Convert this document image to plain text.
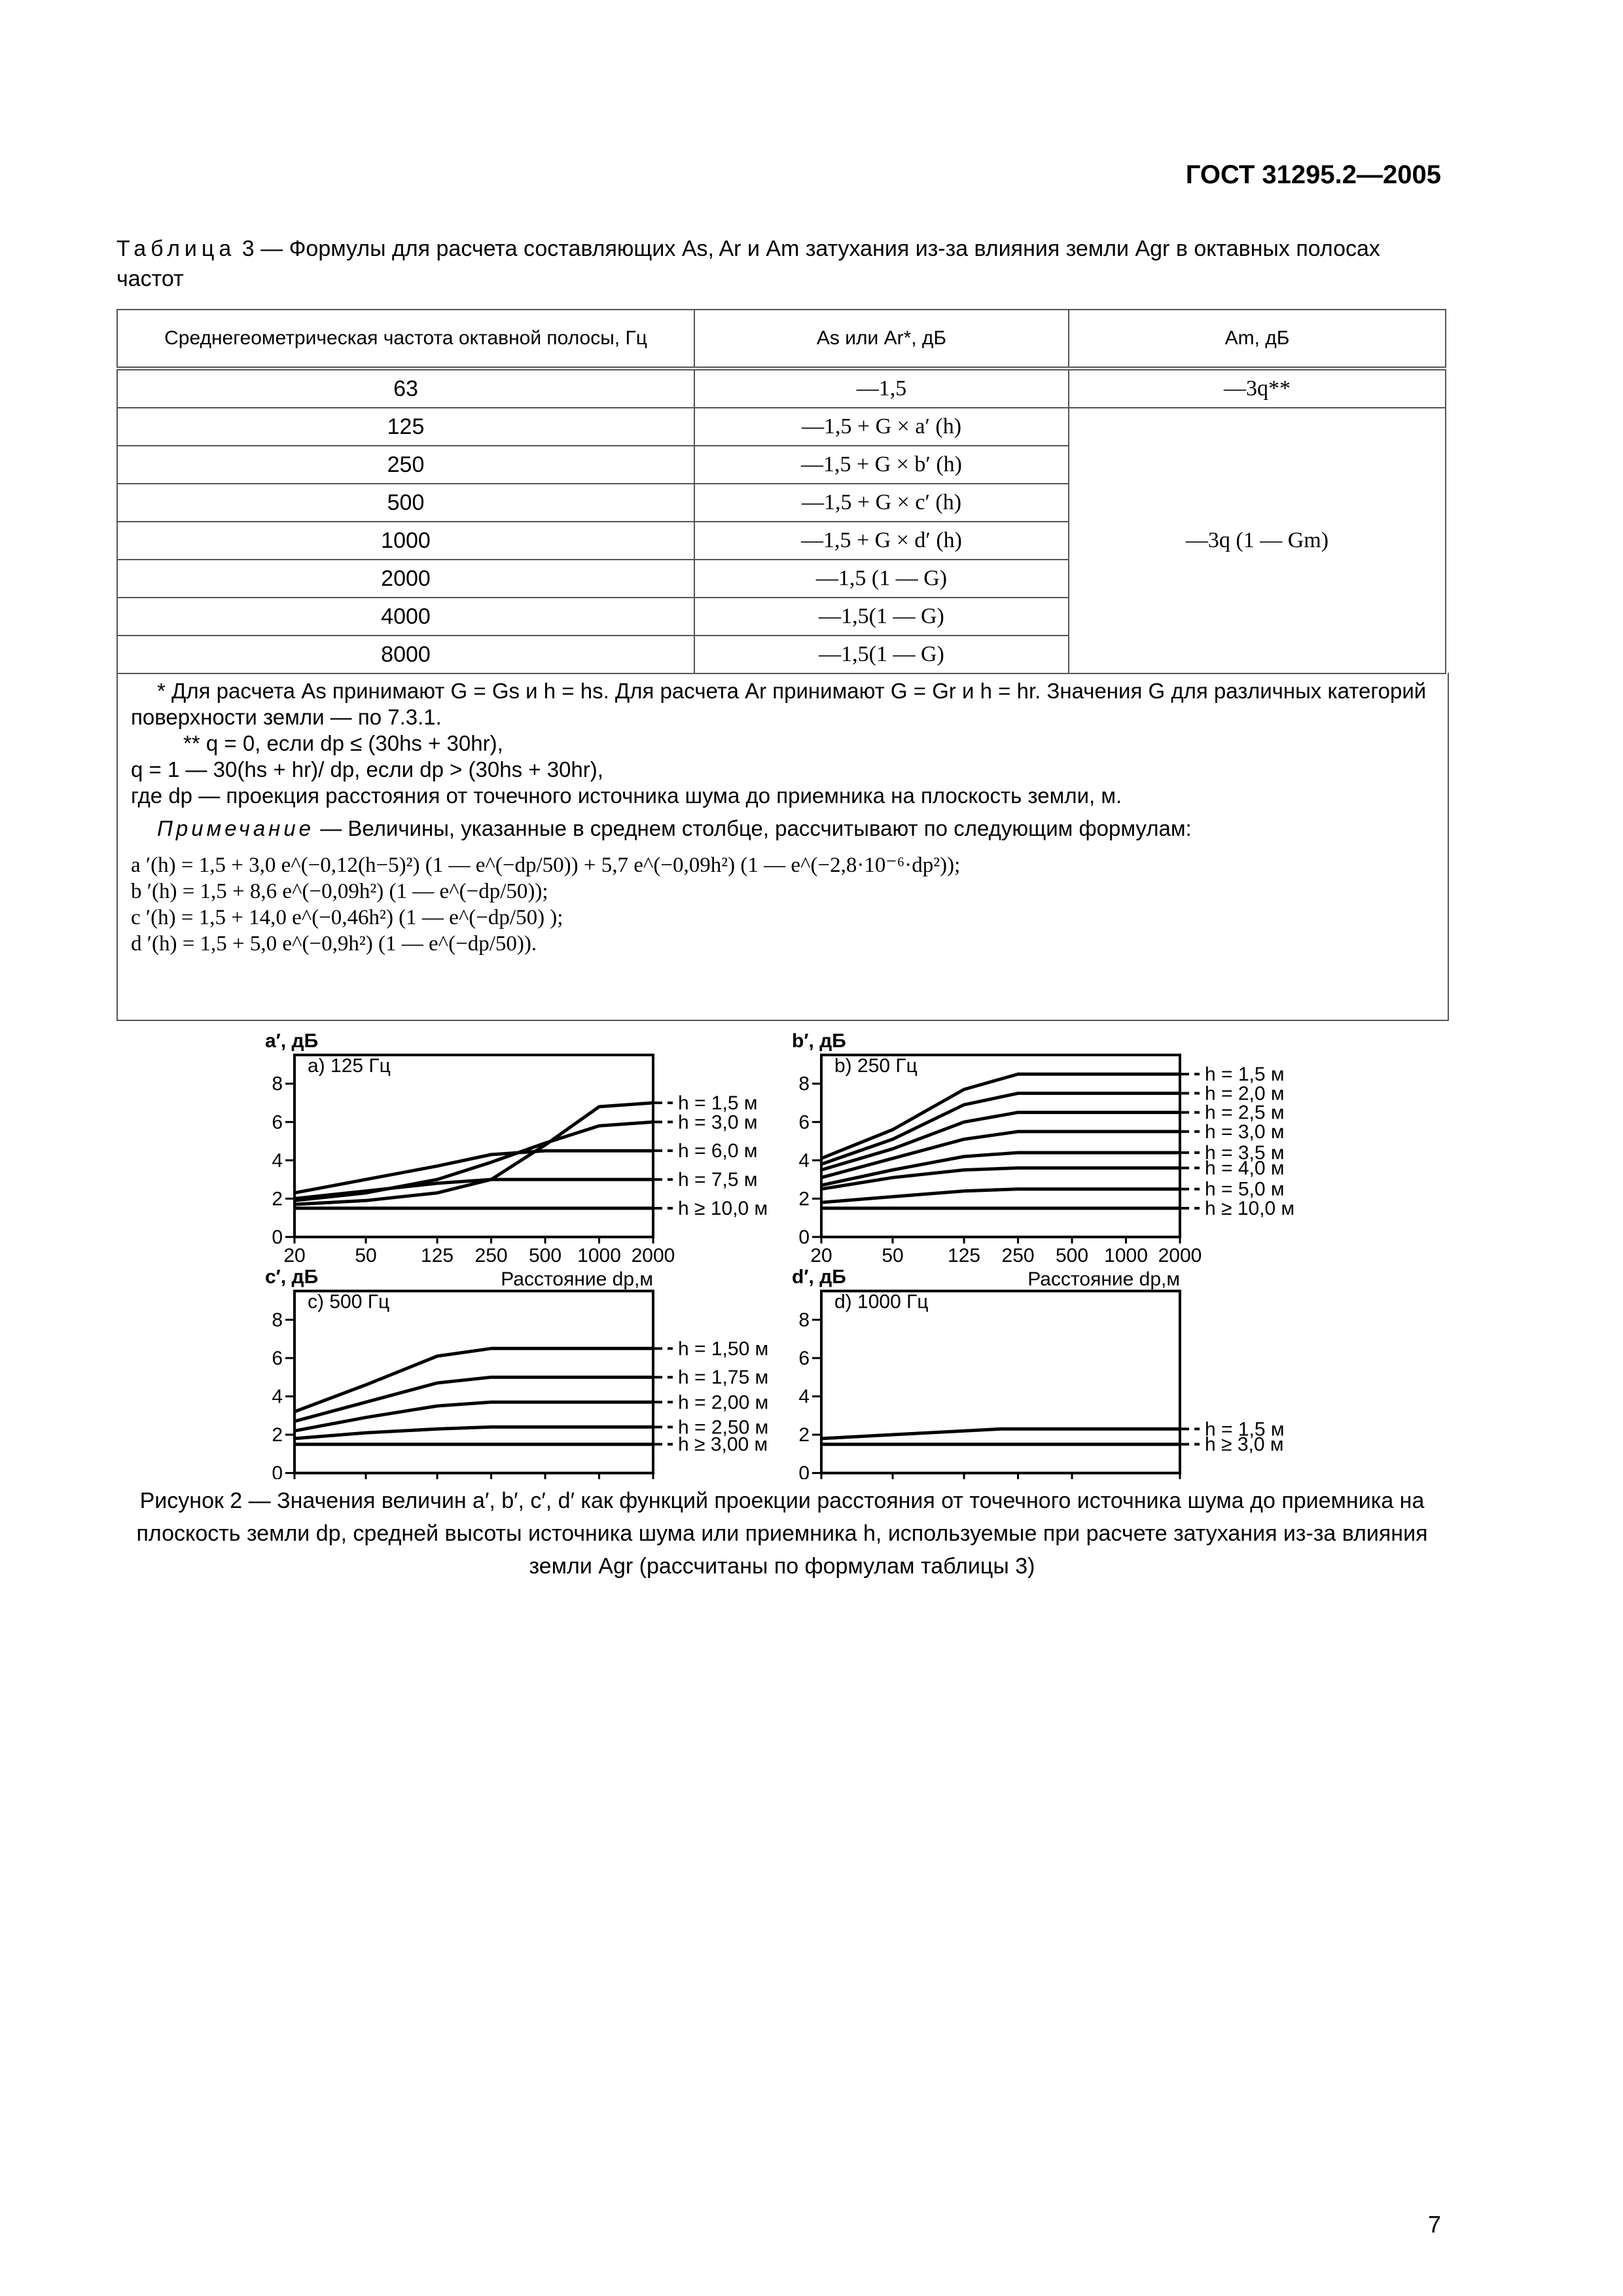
ГОСТ 31295.2—2005
Таблица 3 — Формулы для расчета составляющих As, Ar и Am затухания из-за влияния земли Agr в октавных полосах частот
Среднегеометрическая частота октавной полосы, Гц	As или Ar*, дБ	Am, дБ
63	—1,5	—3q**
125	—1,5 + G × a′ (h)	—3q (1 — Gm)
250	—1,5 + G × b′ (h)	
500	—1,5 + G × c′ (h)	
1000	—1,5 + G × d′ (h)	
2000	—1,5 (1 — G)	
4000	—1,5(1 — G)	
8000	—1,5(1 — G)	

* Для расчета As принимают G = Gs и h = hs. Для расчета Ar принимают G = Gr и h = hr. Значения G для различных категорий поверхности земли — по 7.3.1.

** q = 0, если dp ≤ (30hs + 30hr),

q = 1 — 30(hs + hr)/ dp, если dp > (30hs + 30hr),

где dp — проекция расстояния от точечного источника шума до приемника на плоскость земли, м.

Примечание — Величины, указанные в среднем столбце, рассчитывают по следующим формулам:

a ′(h) = 1,5 + 3,0 e^(−0,12(h−5)²) (1 — e^(−dp/50)) + 5,7 e^(−0,09h²) (1 — e^(−2,8·10⁻⁶·dp²));

b ′(h) = 1,5 + 8,6 e^(−0,09h²) (1 — e^(−dp/50));

c ′(h) = 1,5 + 14,0 e^(−0,46h²) (1 — e^(−dp/50) );

d ′(h) = 1,5 + 5,0 e^(−0,9h²) (1 — e^(−dp/50)).

a) 125 Гц
a′, дБ
0
2
4
6
8
20	50 125 250 500 1000 2000
Расстояние dp,м
h = 1,5 м
h = 3,0 м
h = 6,0 м
h = 7,5 м
h ≥ 10,0 м
b) 250 Гц
b′, дБ
0
2
4
6
8
20	50 125 250 500 1000 2000
Расстояние dp,м
h = 1,5 м
h = 2,0 м
h = 2,5 м
h = 3,0 м
h = 3,5 м
h = 4,0 м
h = 5,0 м
h ≥ 10,0 м
c) 500 Гц
c′, дБ
0
2
4
6
8
h = 1,50 м
h = 1,75 м
h = 2,00 м
h = 2,50 м
h ≥ 3,00 м
d) 1000 Гц
d′, дБ
0
2
4
6
8
h = 1,5 м
h ≥ 3,0 м
Рисунок 2 — Значения величин a′, b′, c′, d′ как функций проекции расстояния от точечного источника шума до приемника на плоскость земли dp, средней высоты источника шума или приемника h, используемые при расчете затухания из-за влияния земли Agr (рассчитаны по формулам таблицы 3)
7
